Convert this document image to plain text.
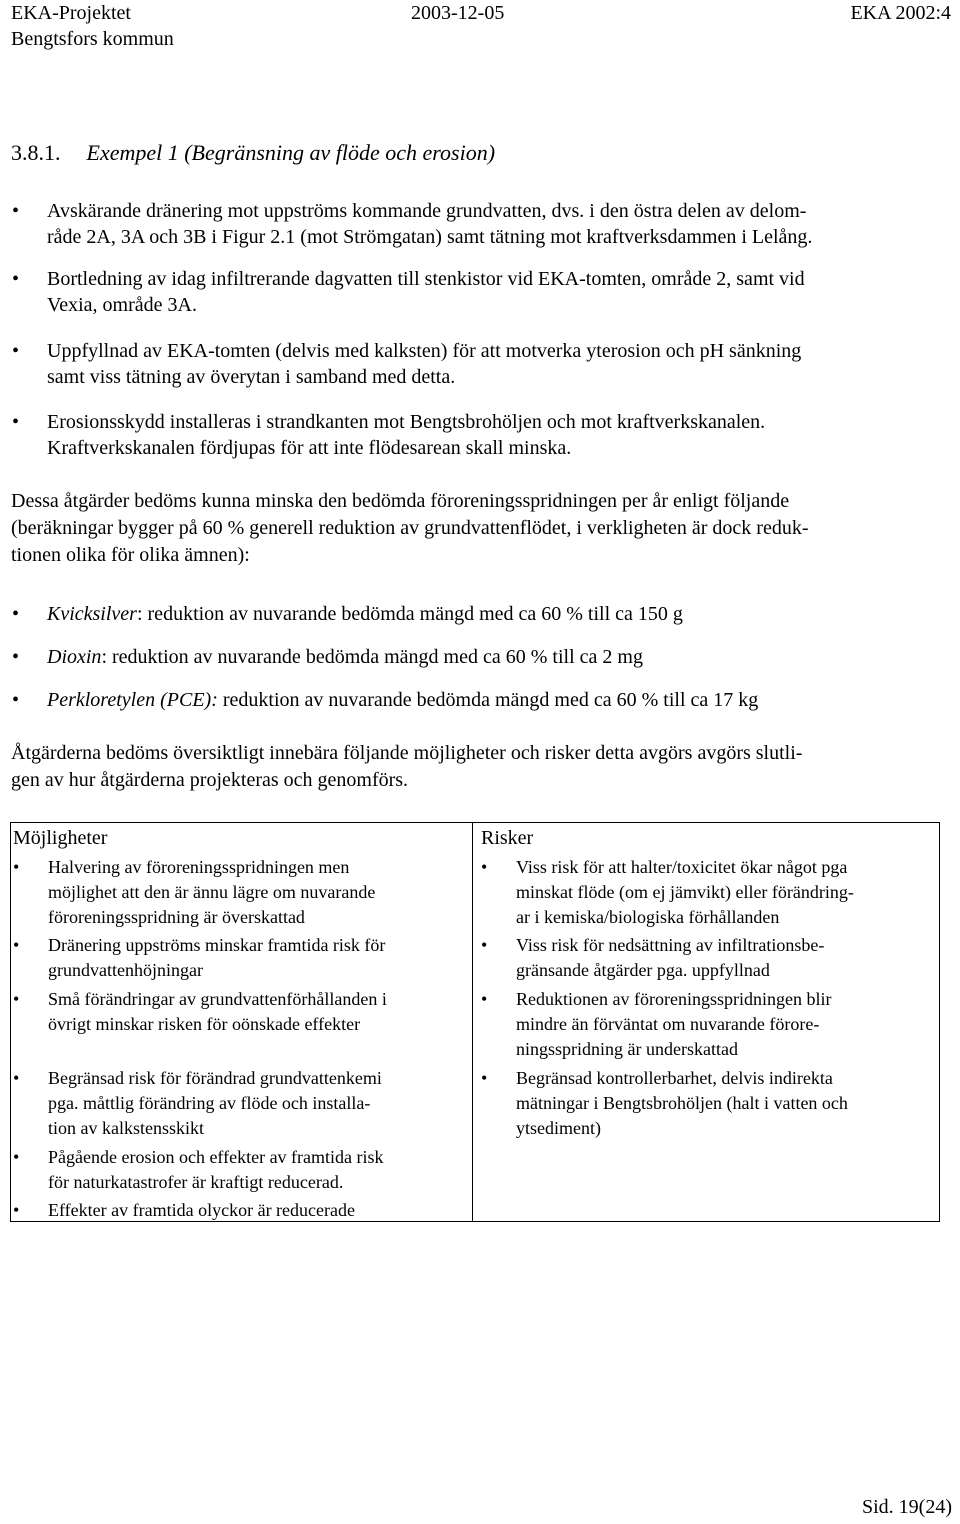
EKA-Projektet
Bengtsfors kommun
2003-12-05	EKA 2002:4
3.8.1. Exempel 1 (Begränsning av flöde och erosion)
• Avskärande dränering mot uppströms kommande grundvatten, dvs. i den östra delen av delom-
råde 2A, 3A och 3B i Figur 2.1 (mot Strömgatan) samt tätning mot kraftverksdammen i Lelång.
• Bortledning av idag infiltrerande dagvatten till stenkistor vid EKA-tomten, område 2, samt vid
Vexia, område 3A.
• Uppfyllnad av EKA-tomten (delvis med kalksten) för att motverka yterosion och pH sänkning
samt viss tätning av överytan i samband med detta.
• Erosionsskydd installeras i strandkanten mot Bengtsbrohöljen och mot kraftverkskanalen.
Kraftverkskanalen fördjupas för att inte flödesarean skall minska.
Dessa åtgärder bedöms kunna minska den bedömda föroreningsspridningen per år enligt följande
(beräkningar bygger på 60 % generell reduktion av grundvattenflödet, i verkligheten är dock reduk-
tionen olika för olika ämnen):
• Kvicksilver: reduktion av nuvarande bedömda mängd med ca 60 % till ca 150 g
• Dioxin: reduktion av nuvarande bedömda mängd med ca 60 % till ca 2 mg
• Perkloretylen (PCE): reduktion av nuvarande bedömda mängd med ca 60 % till ca 17 kg
Åtgärderna bedöms översiktligt innebära följande möjligheter och risker detta avgörs avgörs slutli-
gen av hur åtgärderna projekteras och genomförs.
Möjligheter	Risker
• Halvering av föroreningsspridningen men
möjlighet att den är ännu lägre om nuvarande
föroreningsspridning är överskattad
• Dränering uppströms minskar framtida risk för
grundvattenhöjningar
• Små förändringar av grundvattenförhållanden i
övrigt minskar risken för oönskade effekter
• Begränsad risk för förändrad grundvattenkemi
pga. måttlig förändring av flöde och installa-
tion av kalkstensskikt
• Pågående erosion och effekter av framtida risk
för naturkatastrofer är kraftigt reducerad.
• Effekter av framtida olyckor är reducerade
• Viss risk för att halter/toxicitet ökar något pga
minskat flöde (om ej jämvikt) eller förändring-
ar i kemiska/biologiska förhållanden
• Viss risk för nedsättning av infiltrationsbe-
gränsande åtgärder pga. uppfyllnad
• Reduktionen av föroreningsspridningen blir
mindre än förväntat om nuvarande förore-
ningsspridning är underskattad
• Begränsad kontrollerbarhet, delvis indirekta
mätningar i Bengtsbrohöljen (halt i vatten och
ytsediment)
Sid. 19(24)
